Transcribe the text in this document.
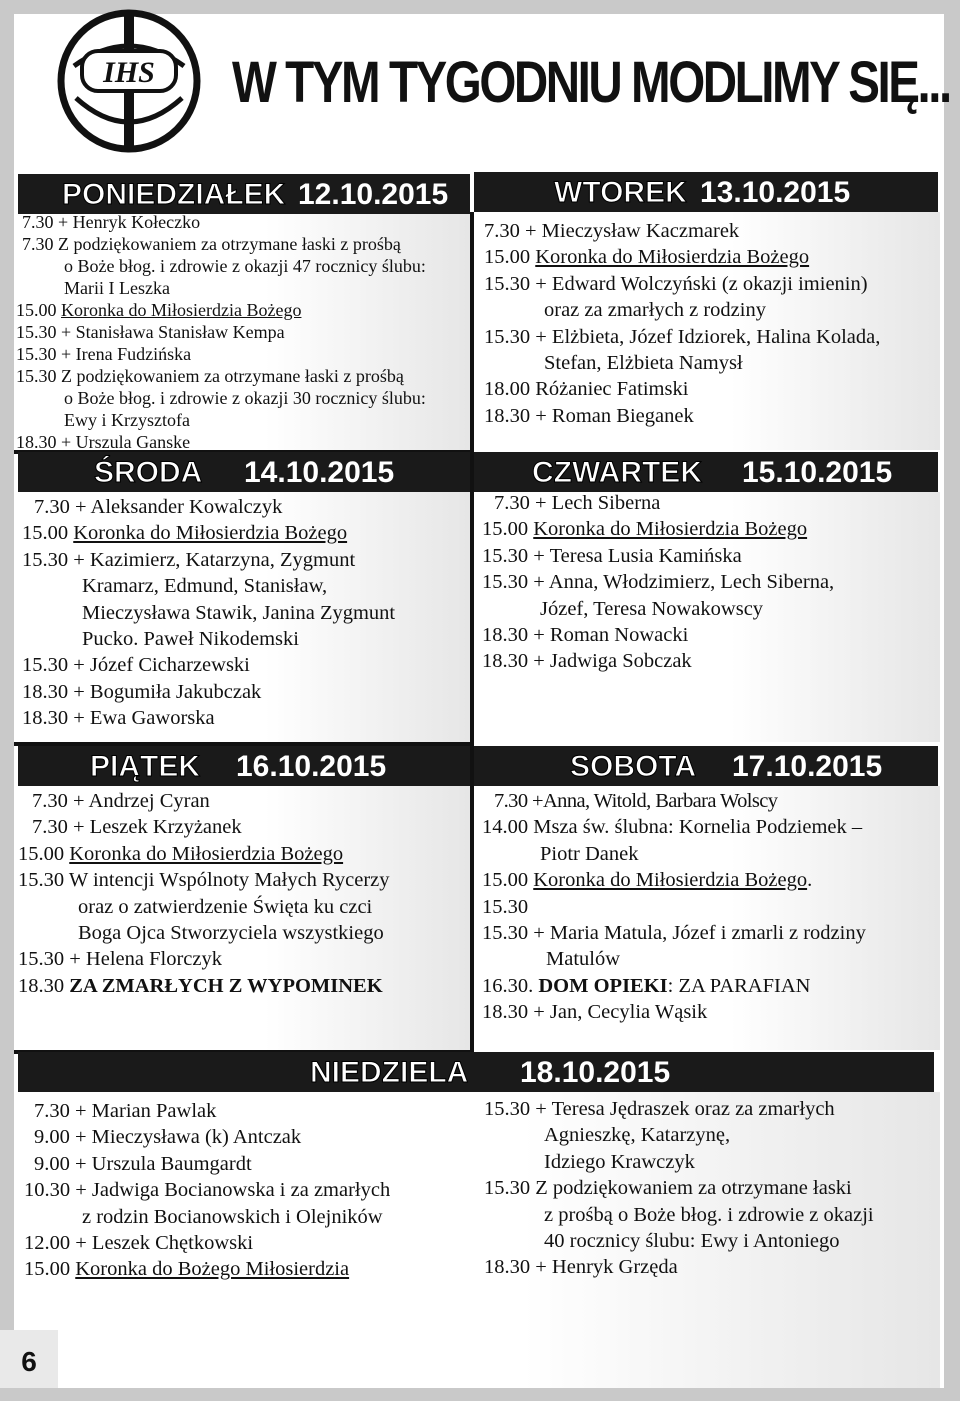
IHS W TYM TYGODNIU MODLIMY SIĘ...
PONIEDZIAŁEK 12.10.2015
7.30 + Henryk Kołeczko
7.30 Z podziękowaniem za otrzymane łaski z prośbą
o Boże błog. i zdrowie z okazji 47 rocznicy ślubu:
Marii I Leszka
15.00 Koronka do Miłosierdzia Bożego
15.30 + Stanisława Stanisław Kempa
15.30 + Irena Fudzińska
15.30 Z podziękowaniem za otrzymane łaski z prośbą
o Boże błog. i zdrowie z okazji 30 rocznicy ślubu:
Ewy i Krzysztofa
18.30 + Urszula Ganske
WTOREK 13.10.2015
7.30 + Mieczysław Kaczmarek
15.00 Koronka do Miłosierdzia Bożego
15.30 + Edward Wolczyński (z okazji imienin)
oraz za zmarłych z rodziny
15.30 + Elżbieta, Józef Idziorek, Halina Kolada,
Stefan, Elżbieta Namysł
18.00 Różaniec Fatimski
18.30 + Roman Bieganek
ŚRODA 14.10.2015
7.30 + Aleksander Kowalczyk
15.00 Koronka do Miłosierdzia Bożego
15.30 + Kazimierz, Katarzyna, Zygmunt
Kramarz, Edmund, Stanisław,
Mieczysława Stawik, Janina Zygmunt
Pucko. Paweł Nikodemski
15.30 + Józef Cicharzewski
18.30 + Bogumiła Jakubczak
18.30 + Ewa Gaworska
CZWARTEK 15.10.2015
7.30 + Lech Siberna
15.00 Koronka do Miłosierdzia Bożego
15.30 + Teresa Lusia Kamińska
15.30 + Anna, Włodzimierz, Lech Siberna,
Józef, Teresa Nowakowscy
18.30 + Roman Nowacki
18.30 + Jadwiga Sobczak
PIĄTEK 16.10.2015
7.30 + Andrzej Cyran
7.30 + Leszek Krzyżanek
15.00 Koronka do Miłosierdzia Bożego
15.30 W intencji Wspólnoty Małych Rycerzy
oraz o zatwierdzenie Święta ku czci
Boga Ojca Stworzyciela wszystkiego
15.30 + Helena Florczyk
18.30 ZA ZMARŁYCH Z WYPOMINEK
SOBOTA 17.10.2015
7.30 +Anna, Witold, Barbara Wolscy
14.00 Msza św. ślubna: Kornelia Podziemek –
Piotr Danek
15.00 Koronka do Miłosierdzia Bożego.
15.30
15.30 + Maria Matula, Józef i zmarli z rodziny
Matulów
16.30. DOM OPIEKI: ZA PARAFIAN
18.30 + Jan, Cecylia Wąsik
NIEDZIELA 18.10.2015
7.30 + Marian Pawlak
9.00 + Mieczysława (k) Antczak
9.00 + Urszula Baumgardt
10.30 + Jadwiga Bocianowska i za zmarłych
z rodzin Bocianowskich i Olejników
12.00 + Leszek Chętkowski
15.00 Koronka do Bożego Miłosierdzia
15.30 + Teresa Jędraszek oraz za zmarłych
Agnieszkę, Katarzynę,
Idziego Krawczyk
15.30 Z podziękowaniem za otrzymane łaski
z prośbą o Boże błog. i zdrowie z okazji
40 rocznicy ślubu: Ewy i Antoniego
18.30 + Henryk Grzęda
6
